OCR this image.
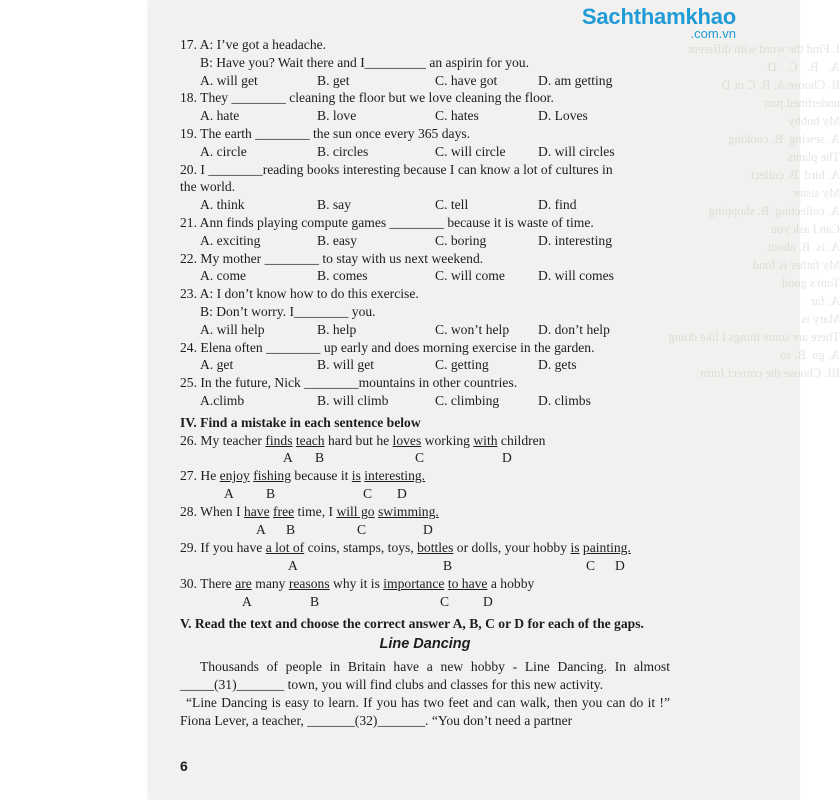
I. Find the word with different
A.   B.   C.   D.
II. Choose A, B, C or D
underlined part
My hobby
A. sewing  B. cooking
The plants
A. bird  B. collect
My sister
A. collecting  B. shopping
Can I ask you
A. is  B. about
My father is fond
Tom's good
A. far
Mary is
There are some things I like doing
A. go  B. so
III. Choose the correct form
Sachthamkhao
.com.vn
17. A: I’ve got a headache.
B: Have you? Wait there and I_________ an aspirin for you.
A. will get	B. get	C. have got	D. am getting
18. They ________ cleaning the floor but we love cleaning the floor.
A. hate	B. love	C. hates	D. Loves
19. The earth ________ the sun once every 365 days.
A. circle	B. circles	C. will circle D. will circles
20. I ________reading books interesting because I can know a lot of cultures in
the world.
A. think	B. say	C. tell	D. find
21. Ann finds playing compute games ________ because it is waste of time.
A. exciting	B. easy	C. boring	D. interesting
22. My mother ________ to stay with us next weekend.
A. come	B. comes	C. will come D. will comes
23. A: I don’t know how to do this exercise.
B: Don’t worry. I________ you.
A. will help	B. help	C. won’t help D. don’t help
24. Elena often ________ up early and does morning exercise in the garden.
A. get	B. will get	C. getting	D. gets
25. In the future, Nick ________mountains in other countries.
A.climb	B. will climb	C. climbing	D. climbs
IV. Find a mistake in each sentence below
26. My teacher finds teach hard but he loves working with children
A B	C	D
27. He enjoy fishing because it is interesting.
A B	C D
28. When I have free time, I will go swimming.
A B	C	D
29. If you have a lot of coins, stamps, toys, bottles or dolls, your hobby is painting.
A	B	C D
30. There are many reasons why it is importance to have a hobby
A	B	C D
V. Read the text and choose the correct answer A, B, C or D for each of the gaps.
Line Dancing
Thousands of people in Britain have a new hobby - Line Dancing. In almost _____(31)_______ town, you will find clubs and classes for this new activity.
“Line Dancing is easy to learn. If you has two feet and can walk, then you can do it !” Fiona Lever, a teacher, _______(32)_______. “You don’t need a partner
6
